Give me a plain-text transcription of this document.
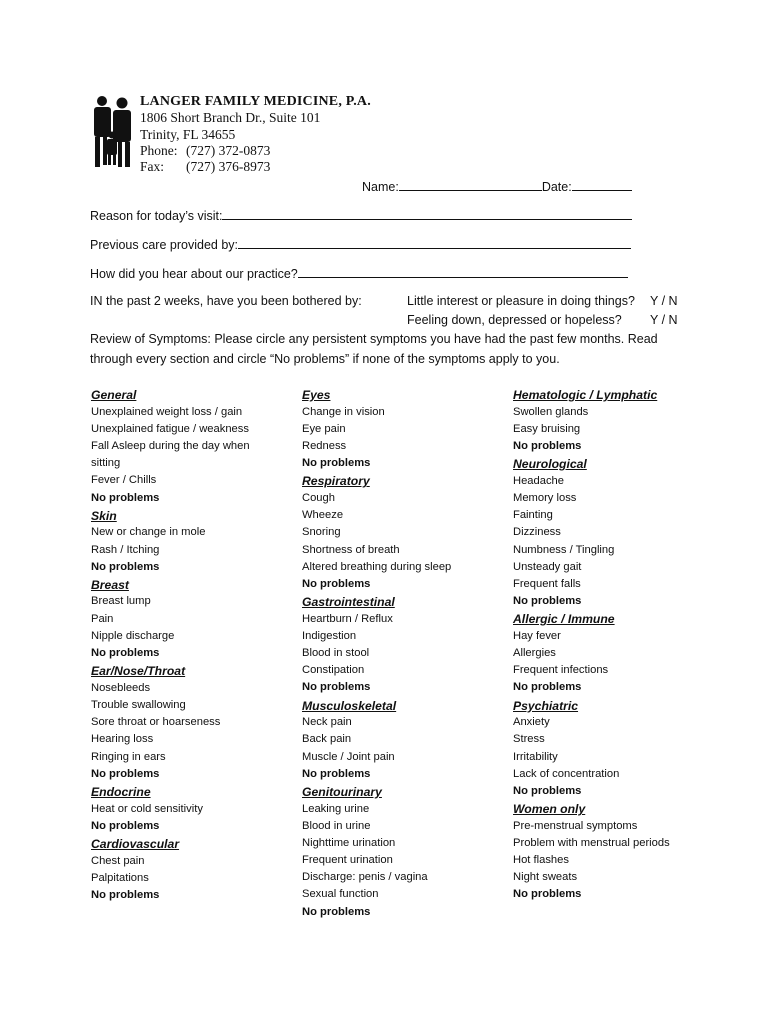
LANGER FAMILY MEDICINE, P.A.
1806 Short Branch Dr., Suite 101
Trinity, FL 34655
Phone: (727) 372-0873
Fax: (727) 376-8973
Name:	Date:
Reason for today’s visit:
Previous care provided by:
How did you hear about our practice?
IN the past 2 weeks, have you been bothered by:	Little interest or pleasure in doing things? Y / N
Feeling down, depressed or hopeless? Y / N
Review of Symptoms: Please circle any persistent symptoms you have had the past few months. Read through every section and circle “No problems” if none of the symptoms apply to you.
General
Unexplained weight loss / gain
Unexplained fatigue / weakness
Fall Asleep during the day when
sitting
Fever / Chills
No problems
Skin
New or change in mole
Rash / Itching
No problems
Breast
Breast lump
Pain
Nipple discharge
No problems
Ear/Nose/Throat
Nosebleeds
Trouble swallowing
Sore throat or hoarseness
Hearing loss
Ringing in ears
No problems
Endocrine
Heat or cold sensitivity
No problems
Cardiovascular
Chest pain
Palpitations
No problems
Eyes
Change in vision
Eye pain
Redness
No problems
Respiratory
Cough
Wheeze
Snoring
Shortness of breath
Altered breathing during sleep
No problems
Gastrointestinal
Heartburn / Reflux
Indigestion
Blood in stool
Constipation
No problems
Musculoskeletal
Neck pain
Back pain
Muscle / Joint pain
No problems
Genitourinary
Leaking urine
Blood in urine
Nighttime urination
Frequent urination
Discharge: penis / vagina
Sexual function
No problems
Hematologic / Lymphatic
Swollen glands
Easy bruising
No problems
Neurological
Headache
Memory loss
Fainting
Dizziness
Numbness / Tingling
Unsteady gait
Frequent falls
No problems
Allergic / Immune
Hay fever
Allergies
Frequent infections
No problems
Psychiatric
Anxiety
Stress
Irritability
Lack of concentration
No problems
Women only
Pre-menstrual symptoms
Problem with menstrual periods
Hot flashes
Night sweats
No problems
